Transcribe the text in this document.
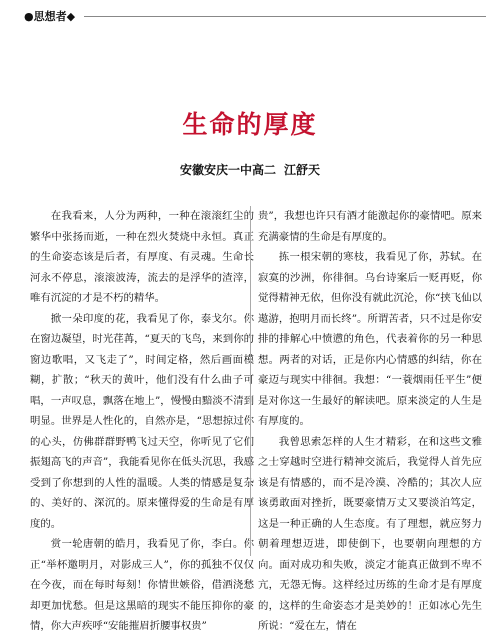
●思想者◆
生命的厚度
安徽安庆一中高二 江舒天

在我看来，人分为两种，一种在滚滚红尘的繁华中张扬而逝，一种在烈火焚烧中永恒。真正的生命姿态该是后者，有厚度、有灵魂。生命长河永不停息，滚滚波涛，流去的是浮华的渣滓，唯有沉淀的才是不朽的精华。

掀一朵印度的花，我看见了你，泰戈尔。你在窗边凝望，时光荏苒，“夏天的飞鸟，来到你的窗边歌唱，又飞走了”，时间定格，然后画面模糊，扩散；“秋天的黄叶，他们没有什么曲子可唱，一声叹息，飘落在地上”，慢慢由黯淡不清到明显。世界是人性化的，自然亦是，“思想掠过你的心头，仿佛群群野鸭飞过天空，你听见了它们振翅高飞的声音”，我能看见你在低头沉思，我感受到了你想到的人性的温暖。人类的情感是复杂的、美好的、深沉的。原来懂得爱的生命是有厚度的。

赏一轮唐朝的皓月，我看见了你，李白。你正“举杯邀明月，对影成三人”，你的孤独不仅仅在今夜，而在每时每刻！你情世嫉俗，借酒浇愁却更加忧愁。但是这黑暗的现实不能压抑你的豪情，你大声疾呼“安能摧眉折腰事权贵”

贵”，我想也许只有酒才能激起你的豪情吧。原来充满豪情的生命是有厚度的。

拣一根宋朝的寒枝，我看见了你，苏轼。在寂寞的沙洲，你徘徊。乌台诗案后一贬再贬，你觉得精神无依，但你没有就此沉沦，你“挟飞仙以遨游，抱明月而长终”。所谓苦者，只不过是你安排的排解心中愤懑的角色，代表着你的另一种思想。两者的对话，正是你内心情感的纠结，你在豪迈与现实中徘徊。我想：“一蓑烟雨任平生”便是对你这一生最好的解读吧。原来淡定的人生是有厚度的。

我曾思索怎样的人生才精彩，在和这些文雅之士穿越时空进行精神交流后，我觉得人首先应该是有情感的，而不是冷漠、冷酷的；其次人应该勇敢面对挫折，既要豪情万丈又要淡泊笃定，这是一种正确的人生态度。有了理想，就应努力朝着理想迈进，即使倒下，也要朝向理想的方向。面对成功和失败，淡定才能真正做到不卑不亢，无怨无悔。这样经过历练的生命才是有厚度的，这样的生命姿态才是美妙的！正如冰心先生所说：“爱在左，情在
